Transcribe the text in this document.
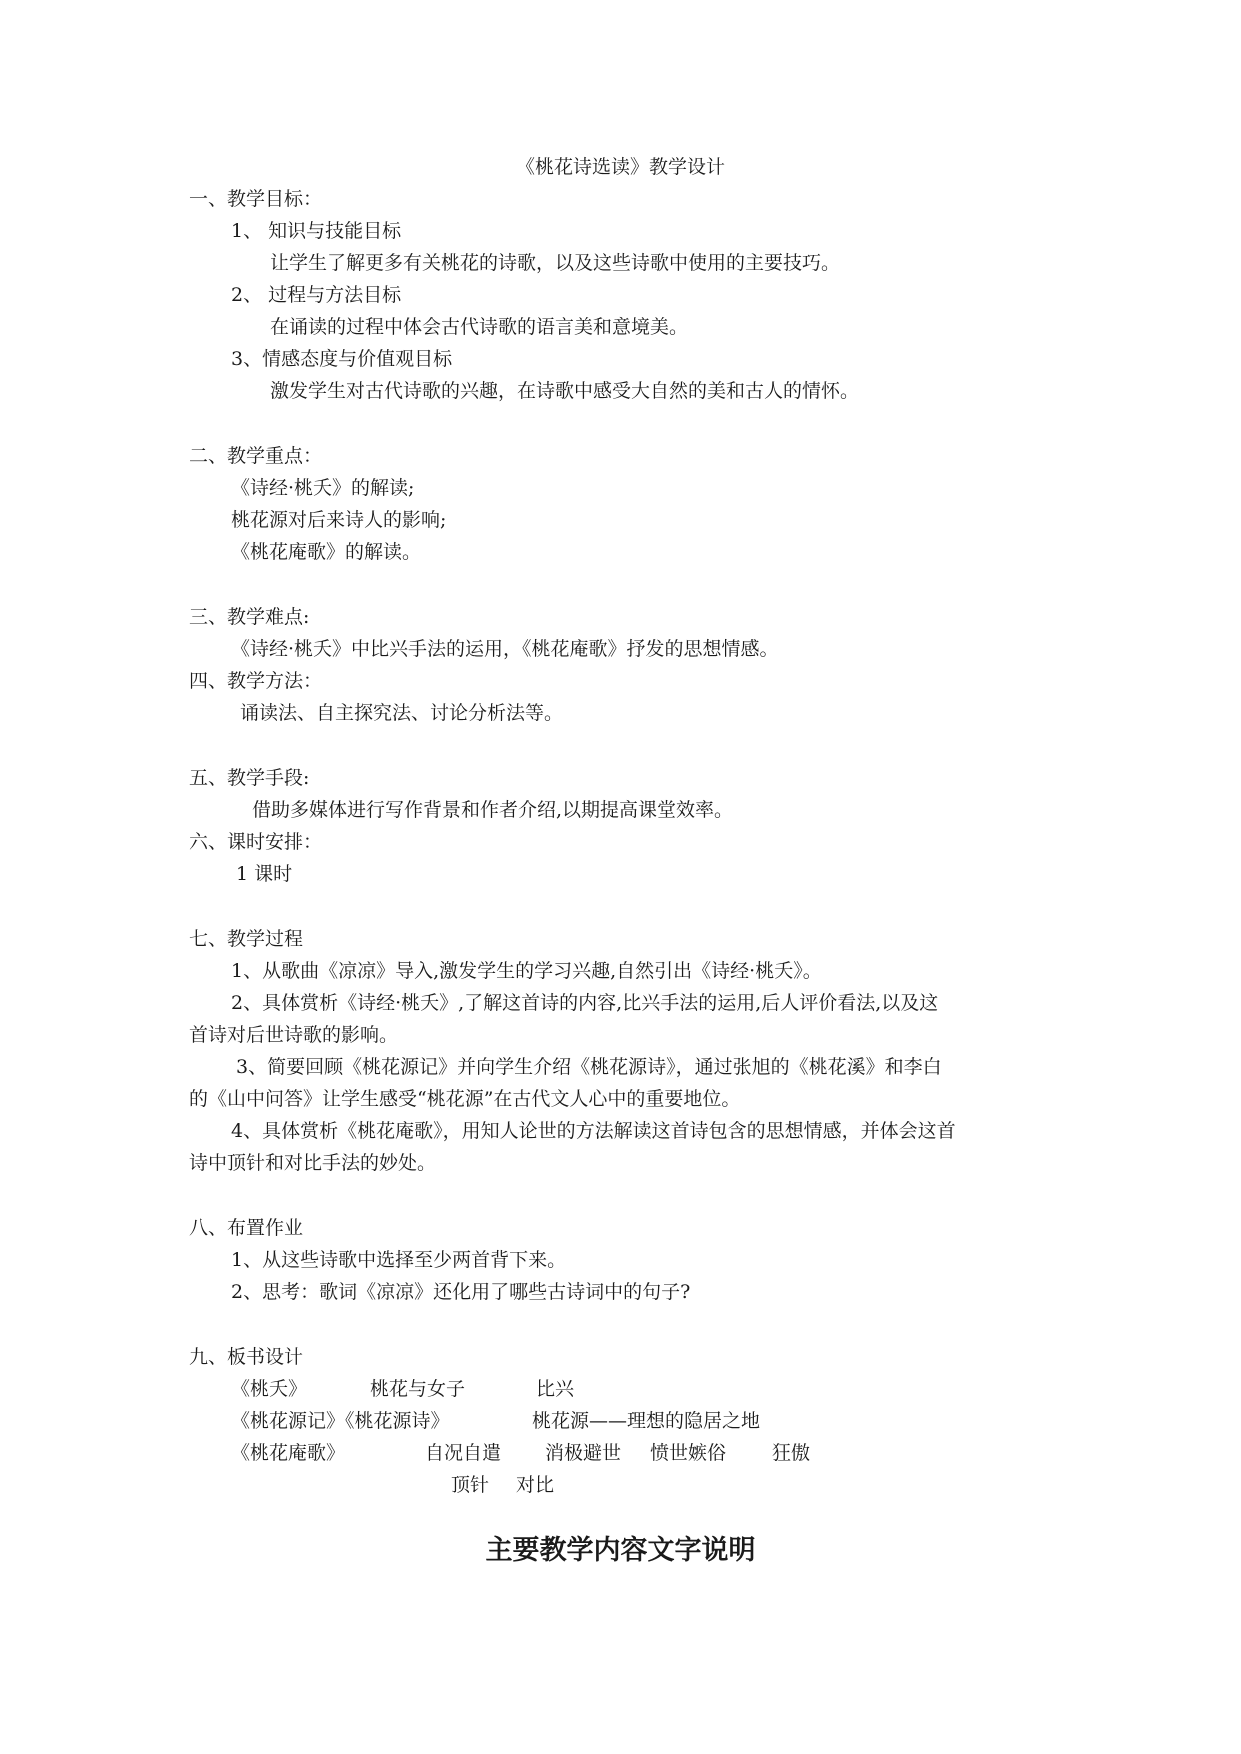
《桃花诗选读》教学设计
一、教学目标：
1、 知识与技能目标
让学生了解更多有关桃花的诗歌，以及这些诗歌中使用的主要技巧。
2、 过程与方法目标
在诵读的过程中体会古代诗歌的语言美和意境美。
3、情感态度与价值观目标
激发学生对古代诗歌的兴趣，在诗歌中感受大自然的美和古人的情怀。
二、教学重点：
《诗经·桃夭》的解读;
桃花源对后来诗人的影响;
《桃花庵歌》的解读。
三、教学难点:
《诗经·桃夭》中比兴手法的运用，《桃花庵歌》抒发的思想情感。
四、教学方法：
诵读法、自主探究法、讨论分析法等。
五、教学手段:
借助多媒体进行写作背景和作者介绍,以期提高课堂效率。
六、课时安排：
1 课时
七、教学过程
1、从歌曲《凉凉》导入,激发学生的学习兴趣,自然引出《诗经·桃夭》。
2、具体赏析《诗经·桃夭》,了解这首诗的内容,比兴手法的运用,后人评价看法,以及这
首诗对后世诗歌的影响。
3、简要回顾《桃花源记》并向学生介绍《桃花源诗》，通过张旭的《桃花溪》和李白
的《山中问答》让学生感受“桃花源”在古代文人心中的重要地位。
4、具体赏析《桃花庵歌》，用知人论世的方法解读这首诗包含的思想情感，并体会这首
诗中顶针和对比手法的妙处。
八、布置作业
1、从这些诗歌中选择至少两首背下来。
2、思考：歌词《凉凉》还化用了哪些古诗词中的句子?
九、板书设计
《桃夭》	桃花与女子	比兴
《桃花源记》《桃花源诗》	桃花源——理想的隐居之地
《桃花庵歌》	自况自遣 消极避世 愤世嫉俗 狂傲
顶针 对比
主要教学内容文字说明
